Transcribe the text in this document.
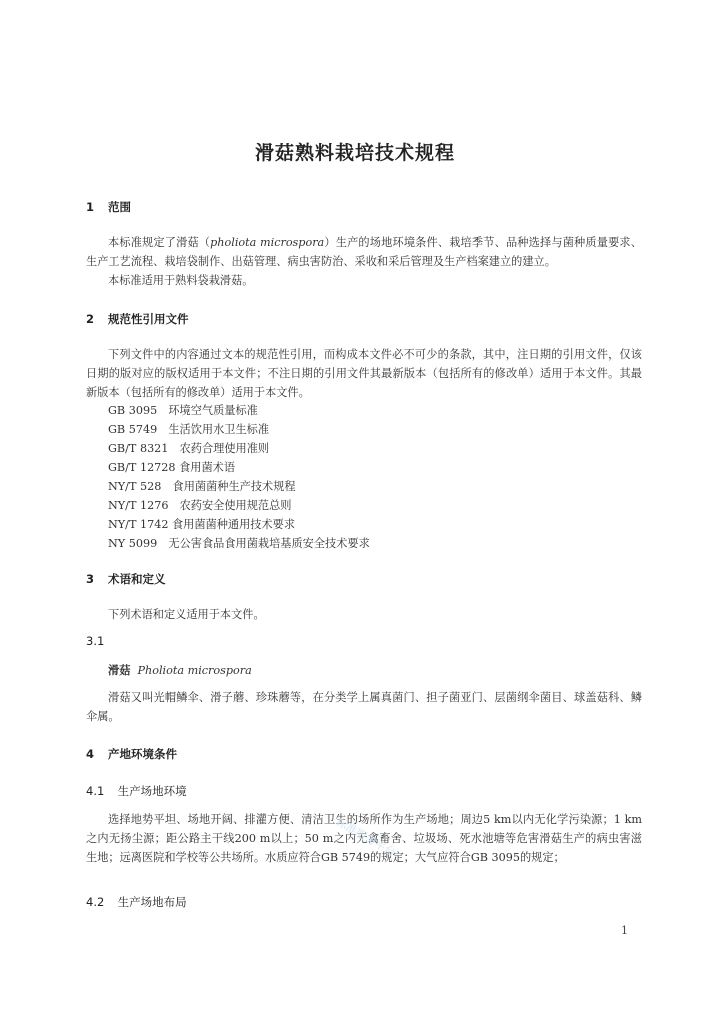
滑菇熟料栽培技术规程
1 范围
本标准规定了滑菇（pholiota microspora）生产的场地环境条件、栽培季节、品种选择与菌种质量要求、生产工艺流程、栽培袋制作、出菇管理、病虫害防治、采收和采后管理及生产档案建立的建立。
本标准适用于熟料袋栽滑菇。
2 规范性引用文件
下列文件中的内容通过文本的规范性引用，而构成本文件必不可少的条款，其中，注日期的引用文件，仅该日期的版对应的版权适用于本文件；不注日期的引用文件其最新版本（包括所有的修改单）适用于本文件。其最新版本（包括所有的修改单）适用于本文件。
GB 3095　环境空气质量标准
GB 5749　生活饮用水卫生标准
GB/T 8321　农药合理使用准则
GB/T 12728 食用菌术语
NY/T 528　食用菌菌种生产技术规程
NY/T 1276　农药安全使用规范总则
NY/T 1742 食用菌菌种通用技术要求
NY 5099　无公害食品食用菌栽培基质安全技术要求
3 术语和定义
下列术语和定义适用于本文件。
3.1
滑菇 Pholiota microspora
滑菇又叫光帽鳞伞、滑子蘑、珍珠蘑等，在分类学上属真菌门、担子菌亚门、层菌纲伞菌目、球盖菇科、鳞伞属。
4 产地环境条件
4.1 生产场地环境
选择地势平坦、场地开阔、排灌方便、清洁卫生的场所作为生产场地；周边5 km以内无化学污染源；1 km之内无扬尘源；距公路主干线200 m以上；50 m之内无禽畜舍、垃圾场、死水池塘等危害滑菇生产的病虫害滋生地；远离医院和学校等公共场所。水质应符合GB 5749的规定；大气应符合GB 3095的规定；
4.2 生产场地布局
标准服务平台
1
